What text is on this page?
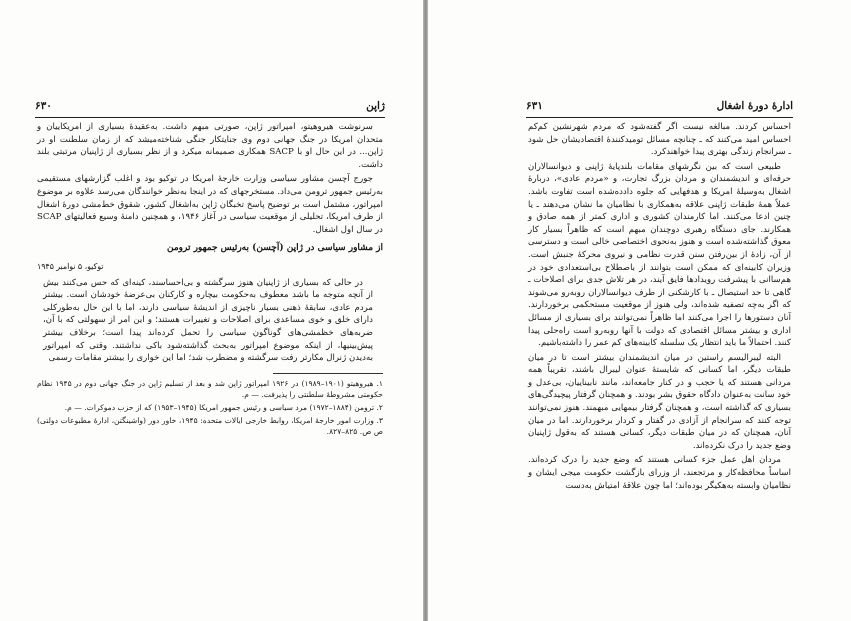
۶۳۰	ژاپن

سرنوشت هیروهیتو، امپراتور ژاپن، صورتی مبهم داشت. به‌عقیدۀ بسیاری از امریکاییان و متحدان امریکا در جنگ جهانی دوم وی جنایتکار جنگی شناخته‌میشد که از زمان سلطنت او در ژاپن... در این حال او با SACP همکاری صمیمانه میکرد و از نظر بسیاری از ژاپنیان مرتبتی بلند داشت.

جورج آچسن مشاور سیاسی وزارت خارجۀ امریکا در توکیو بود و اغلب گزارشهای مستقیمی به‌رئیس جمهور ترومن می‌داد. مستخرجهای که در اینجا به‌نظر خوانندگان می‌رسد علاوه بر موضوع امپراتور، مشتمل است بر توضیح پاسخ تخبگان ژاپن به‌اشغال کشور، شقوق خط‌مشی دورۀ اشغال از طرف امریکا، تحلیلی از موقعیت سیاسی در آغاز ۱۹۴۶، و همچنین دامنۀ وسیع فعالیتهای SCAP در سال اول اشغال.

از مشاور سیاسی در ژاپن (آچسن) به‌رئیس جمهور ترومن
توکیو، ۵ نوامبر ۱۹۴۵

در حالی که بسیاری از ژاپنیان هنوز سرگشته و بی‌احساسند، کینه‌ای که حس می‌کنند بیش از آنچه متوجه ما باشد معطوف به‌حکومت بیچاره و کارکنان بی‌عرضۀ خودشان است. بیشتر مردم عادی، سابقۀ ذهنی بسیار ناچیزی از اندیشۀ سیاسی دارند، اما با این حال به‌طورکلی دارای خلق و خوی مساعدی برای اصلاحات و تغییرات هستند؛ و این امر از سهولتی که با آن، ضربه‌های خظمشی‌های گوناگون سیاسی را تحمل کرده‌اند پیدا است؛ برخلاف بیشتر پیش‌بینیها، از اینکه موضوع امپراتور به‌بحث گذاشته‌شود باکی نداشتند. وقتی که امپراتور به‌دیدن ژنرال مکارتر رفت سرگشته و مضطرب شد؛ اما این خواری را بیشتر مقامات رسمی

۱. هیروهیتو (۱۹۰۱–۱۹۸۹) در ۱۹۲۶ امپراتور ژاپن شد و بعد از تسلیم ژاپن در جنگ جهانی دوم در ۱۹۴۵ نظام حکومتی مشروطۀ سلطنتی را پذیرفت. — م.

۲. ترومن (۱۸۸۴–۱۹۷۲) مرد سیاسی و رئیس جمهور امریکا (۱۹۴۵–۱۹۵۳) که از حزب دموکرات. — م.

۳. وزارت امور خارجۀ امریکا، روابط خارجی ایالات متحده: ۱۹۴۵، خاور دور (واشینگتن، ادارۀ مطبوعات دولتی) ص ص. ۸۲۵–۸۲۷.

۶۳۱	ادارۀ دورۀ اشغال

احساس کردند. مبالغه نیست اگر گفته‌شود که مردم شهرنشین کم‌کم احساس امید می‌کنند که ـ چنانچه مسائل تومیدکنندۀ اقتصادیشان حل شود ـ سرانجام زندگی بهتری پیدا خواهندکرد.

طبیعی است که بین نگرشهای مقامات بلندپایۀ ژاپنی و دیوانسالاران حرفه‌ای و اندیشمندان و مردان بزرگ تجارت، و «مردم عادی»، دربارۀ اشغال به‌وسیلۀ امریکا و هدفهایی که جلوه دادده‌شده است تفاوت باشد. عملاً همۀ طبقات ژاپنی علاقه به‌همکاری با نظامیان ما نشان می‌دهند ـ یا چنین ادعا می‌کنند. اما کارمندان کشوری و اداری کمتر از همه صادق و همکارند. جای دستگاه رهبری دوچندان مبهم است که ظاهراً بسیار کار معوق گذاشته‌شده است و هنوز به‌نحوی اختصاصی خالی است و دسترسی از آن، زادۀ از بین‌رفتن سنن قدرت نظامی و نیروی محرکۀ جنبش است. وزیران کابینه‌ای که ممکن است بتوانند از باصطلاح بی‌استعدادی خود در هم‌ساانی با پیشرفت رویدادها فایق آیند، در هر تلاش جدی برای اصلاحات ـ گاهی تا حد استیصال ـ با کارشکنی از طرف دیوانسالاران روبه‌رو می‌شوند که اگر به‌چه تصفیه شده‌اند، ولی هنوز از موقعیت مستحکمی برخوردارند. آنان دستورها را اجرا می‌کنند اما ظاهراً نمی‌توانند برای بسیاری از مسائل اداری و بیشتر مسائل اقتصادی که دولت با آنها روبه‌رو است راه‌حلی پیدا کنند. احتمالاً ما باید انتظار یک سلسله کابینه‌های کم عمر را داشته‌باشیم.

البته لیبرالیسم راستین در میان اندیشمندان بیشتر است تا در میان طبقات دیگر، اما کسانی که شایستۀ عنوان لیبرال باشند، تقریباً همه مردانی هستند که یا حجب و در کنار جامعه‌اند، مانند نابیناییان، بی‌عدل و خود سانت به‌عنوان دادگاه حقوق بشر بودند. و همچنان گرفتار پیچیدگی‌های بسیاری که گذاشته است، و همچنان گرفتار بیمهایی مبهمند. هنوز نمی‌توانند توجه کنند که سرانجام از آزادی در گفتار و کردار برخوردارند. اما در میان آنان، همچنان که در میان طبقات دیگر، کسانی هستند که به‌قول ژاپنیان وضع جدید را درک نکرده‌اند.

مردان اهل عمل جزء کسانی هستند که وضع جدید را درک کرده‌اند. اساساً محافظه‌کار و مرتجعند، از وزرای باز‌گشت حکومت میجی ایشان و نظامیان وابسته به‌هکیگر بوده‌اند؛ اما چون علاقۀ امتیاش به‌دست
